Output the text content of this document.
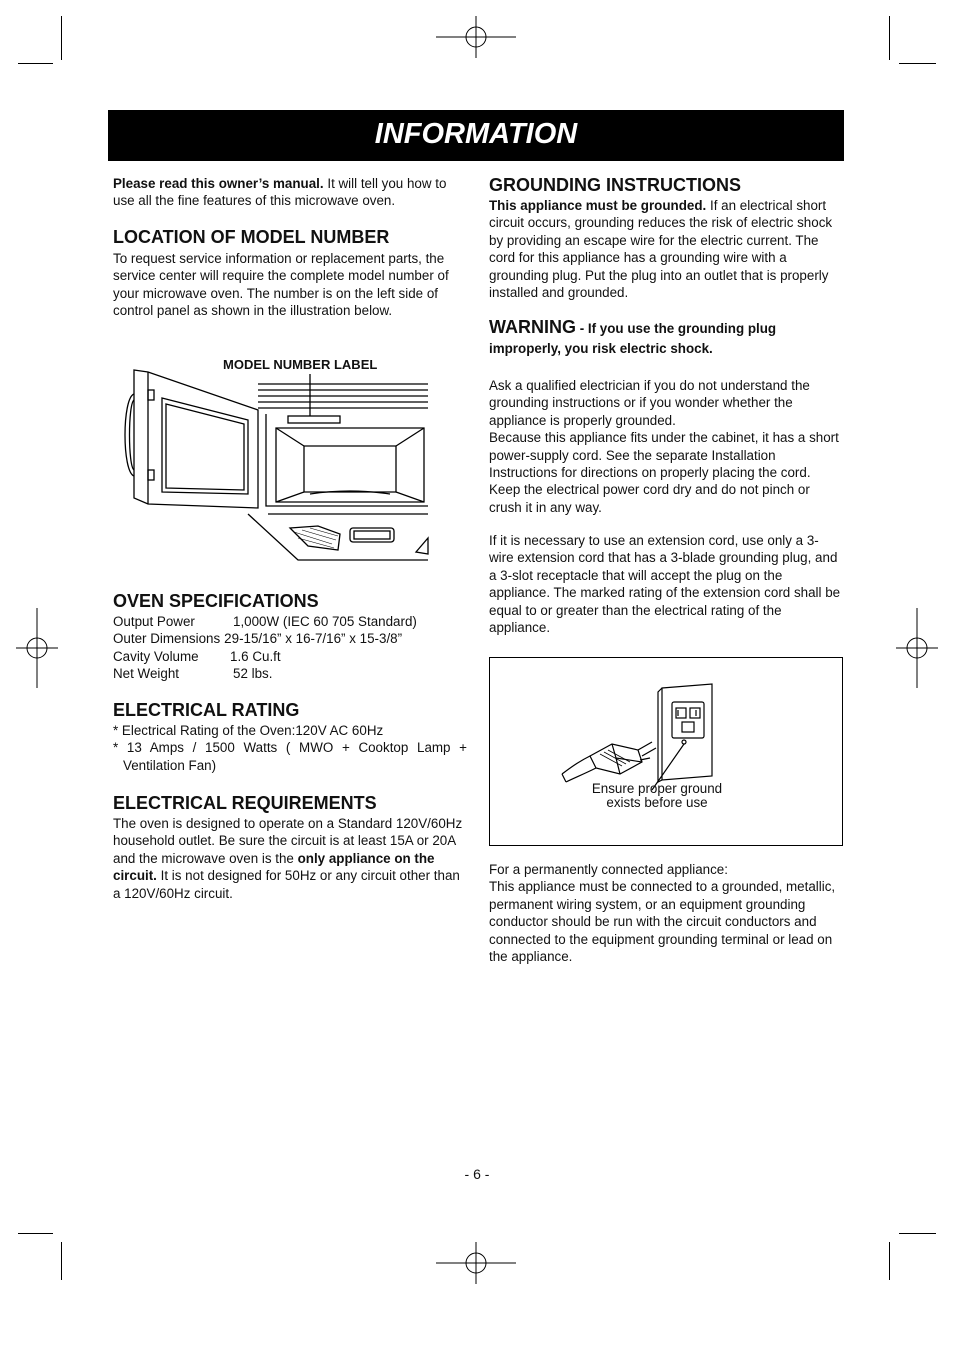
INFORMATION

Please read this owner’s manual. It will tell you how to use all the fine features of this microwave oven.

LOCATION OF MODEL NUMBER

To request service information or replacement parts, the service center will require the complete model number of your microwave oven. The number is on the left side of control panel as shown in the illustration below.

MODEL NUMBER LABEL
OVEN SPECIFICATIONS
Output Power	1,000W (IEC 60 705 Standard)
Outer Dimensions 29-15/16” x 16-7/16” x 15-3/8”
Cavity Volume	1.6 Cu.ft
Net Weight	52 lbs.
ELECTRICAL RATING

* Electrical Rating of the Oven:120V AC 60Hz

* 13 Amps / 1500 Watts ( MWO + Cooktop Lamp + Ventilation Fan)

ELECTRICAL REQUIREMENTS

The oven is designed to operate on a Standard 120V/60Hz household outlet. Be sure the circuit is at least 15A or 20A and the microwave oven is the only appliance on the circuit. It is not designed for 50Hz or any circuit other than a 120V/60Hz circuit.

GROUNDING INSTRUCTIONS

This appliance must be grounded. If an electrical short circuit occurs, grounding reduces the risk of electric shock by providing an escape wire for the electric current. The cord for this appliance has a grounding wire with a grounding plug. Put the plug into an outlet that is properly installed and grounded.

WARNING - If you use the grounding plug improperly, you risk electric shock.

Ask a qualified electrician if you do not understand the grounding instructions or if you wonder whether the appliance is properly grounded.

Because this appliance fits under the cabinet, it has a short power-supply cord. See the separate Installation Instructions for directions on properly placing the cord. Keep the electrical power cord dry and do not pinch or crush it in any way.

If it is necessary to use an extension cord, use only a 3-wire extension cord that has a 3-blade grounding plug, and a 3-slot receptacle that will accept the plug on the appliance. The marked rating of the extension cord shall be equal to or greater than the electrical rating of the appliance.

Ensure proper ground
exists before use

For a permanently connected appliance:

This appliance must be connected to a grounded, metallic, permanent wiring system, or an equipment grounding conductor should be run with the circuit conductors and connected to the equipment grounding terminal or lead on the appliance.

- 6 -
